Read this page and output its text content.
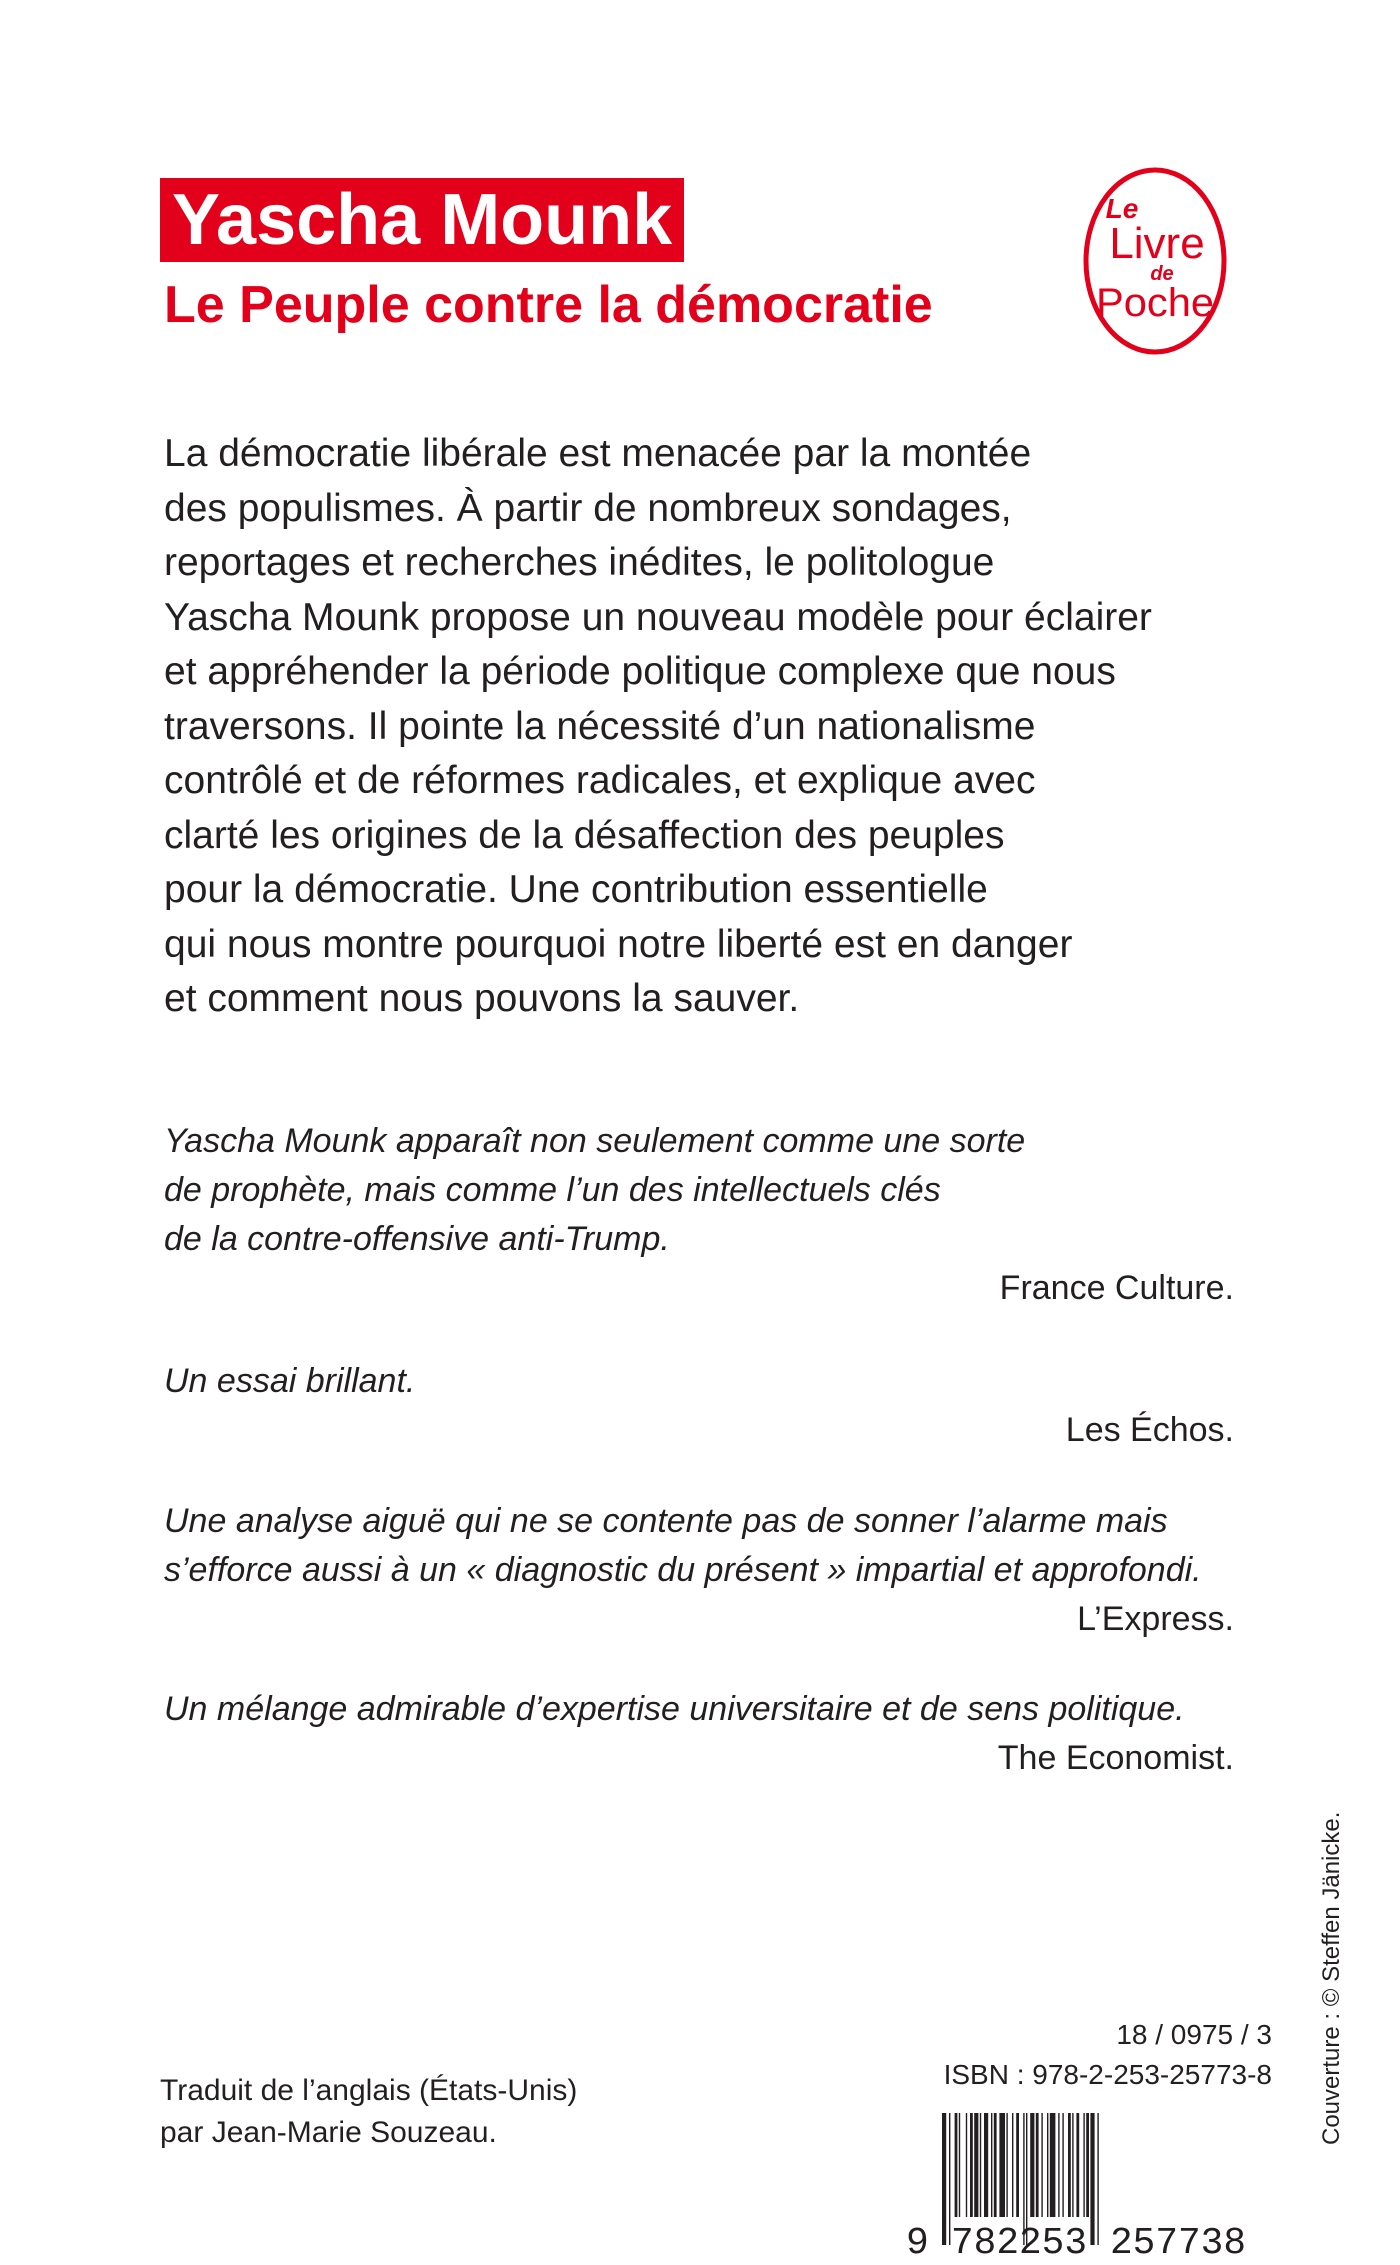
Yascha Mounk
Le Peuple contre la démocratie
Le
Livre
de
Poche

La démocratie libérale est menacée par la montée

des populismes. À partir de nombreux sondages,

reportages et recherches inédites, le politologue

Yascha Mounk propose un nouveau modèle pour éclairer

et appréhender la période politique complexe que nous

traversons. Il pointe la nécessité d’un nationalisme

contrôlé et de réformes radicales, et explique avec

clarté les origines de la désaffection des peuples

pour la démocratie. Une contribution essentielle

qui nous montre pourquoi notre liberté est en danger

et comment nous pouvons la sauver.

Yascha Mounk apparaît non seulement comme une sorte

de prophète, mais comme l’un des intellectuels clés

de la contre-offensive anti-Trump.

France Culture.

Un essai brillant.

Les Échos.

Une analyse aiguë qui ne se contente pas de sonner l’alarme mais

s’efforce aussi à un « diagnostic du présent » impartial et approfondi.

L’Express.

Un mélange admirable d’expertise universitaire et de sens politique.

The Economist.

Traduit de l’anglais (États-Unis)
par Jean-Marie Souzeau.
18 / 0975 / 3
ISBN : 978-2-253-25773-8
9 782253 257738
Couverture : © Steffen Jänicke.
